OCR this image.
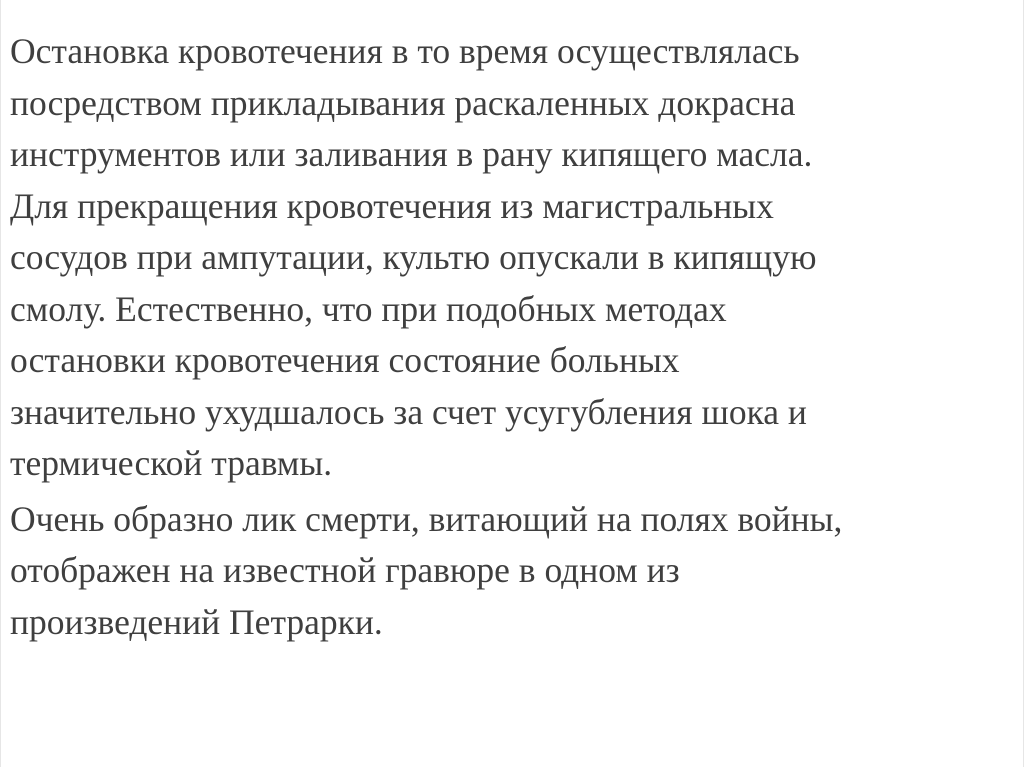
Остановка кровотечения в то время осуществлялась
посредством прикладывания раскаленных докрасна
инструментов или заливания в рану кипящего масла.
Для прекращения кровотечения из магистральных
сосудов при ампутации, культю опускали в кипящую
смолу. Естественно, что при подобных методах
остановки кровотечения состояние больных
значительно ухудшалось за счет усугубления шока и
термической травмы.

Очень образно лик смерти, витающий на полях войны,
отображен на известной гравюре в одном из
произведений Петрарки.
